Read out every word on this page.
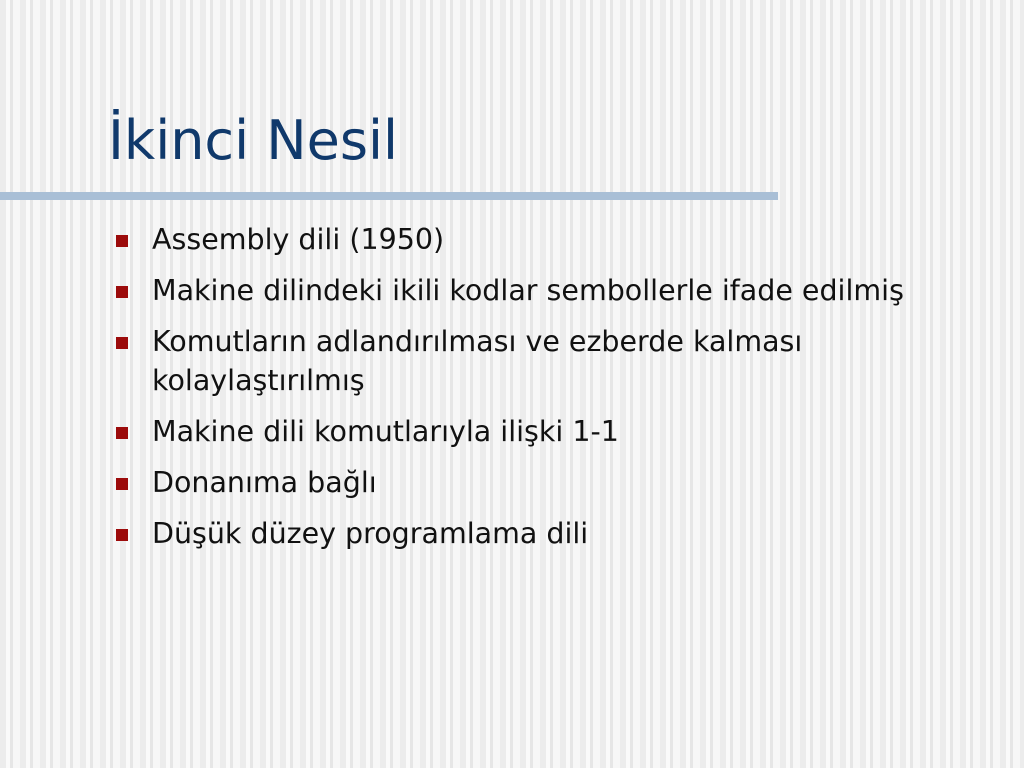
İkinci Nesil
Assembly dili (1950)
Makine dilindeki ikili kodlar sembollerle ifade edilmiş
Komutların adlandırılması ve ezberde kalması kolaylaştırılmış
Makine dili komutlarıyla ilişki 1-1
Donanıma bağlı
Düşük düzey programlama dili
